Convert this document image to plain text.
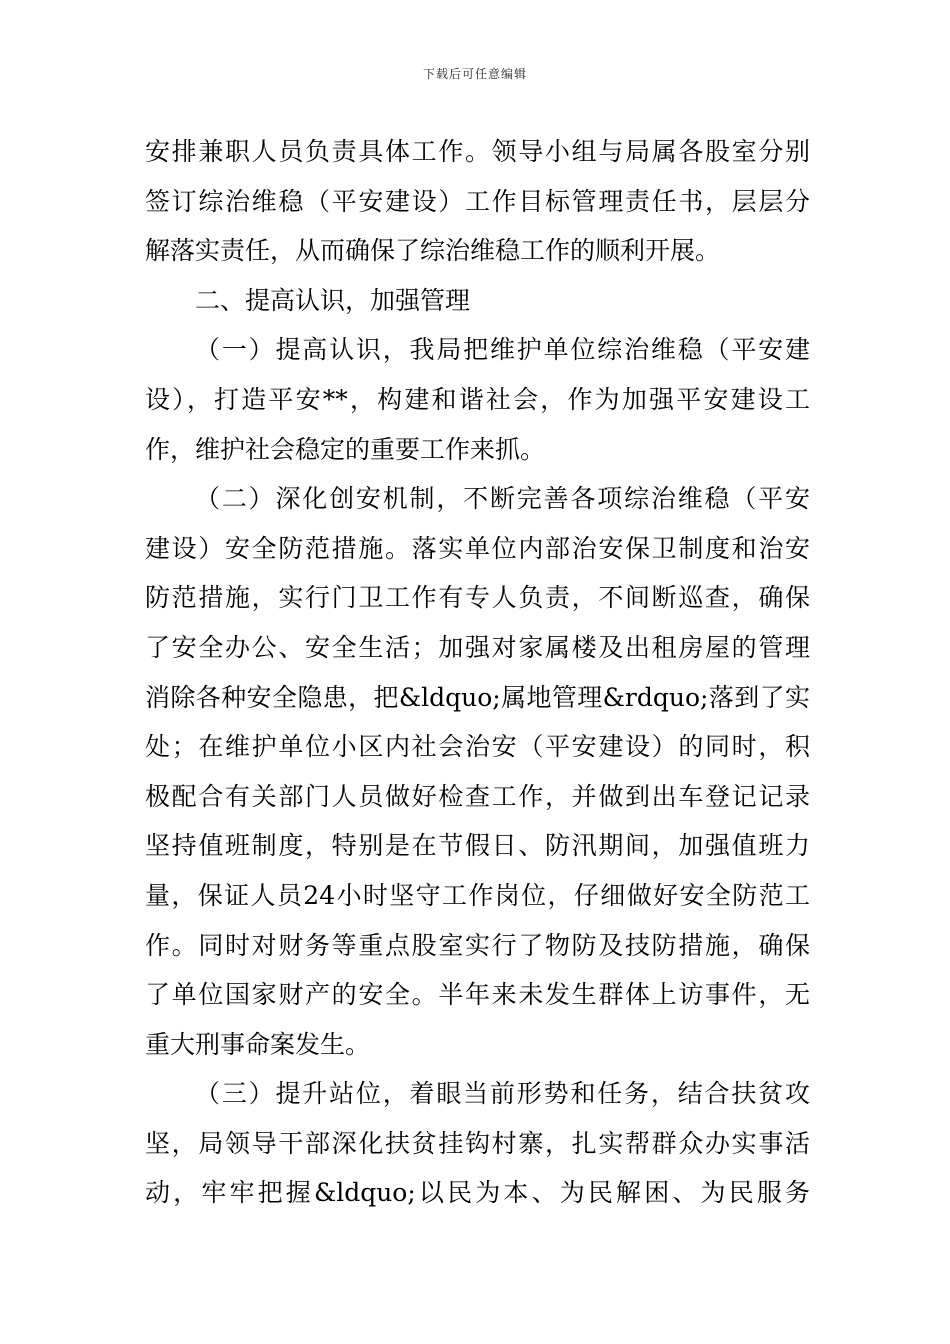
下载后可任意编辑
安排兼职人员负责具体工作。领导小组与局属各股室分别
签订综治维稳（平安建设）工作目标管理责任书，层层分
解落实责任，从而确保了综治维稳工作的顺利开展。
二、提高认识，加强管理
（一）提高认识，我局把维护单位综治维稳（平安建
设），打造平安**，构建和谐社会，作为加强平安建设工
作，维护社会稳定的重要工作来抓。
（二）深化创安机制，不断完善各项综治维稳（平安
建设）安全防范措施。落实单位内部治安保卫制度和治安
防范措施，实行门卫工作有专人负责，不间断巡查，确保
了安全办公、安全生活；加强对家属楼及出租房屋的管理
消除各种安全隐患，把&ldquo;属地管理&rdquo;落到了实
处；在维护单位小区内社会治安（平安建设）的同时，积
极配合有关部门人员做好检查工作，并做到出车登记记录
坚持值班制度，特别是在节假日、防汛期间，加强值班力
量，保证人员24小时坚守工作岗位，仔细做好安全防范工
作。同时对财务等重点股室实行了物防及技防措施，确保
了单位国家财产的安全。半年来未发生群体上访事件，无
重大刑事命案发生。
（三）提升站位，着眼当前形势和任务，结合扶贫攻
坚，局领导干部深化扶贫挂钩村寨，扎实帮群众办实事活
动，牢牢把握&ldquo;以民为本、为民解困、为民服务
